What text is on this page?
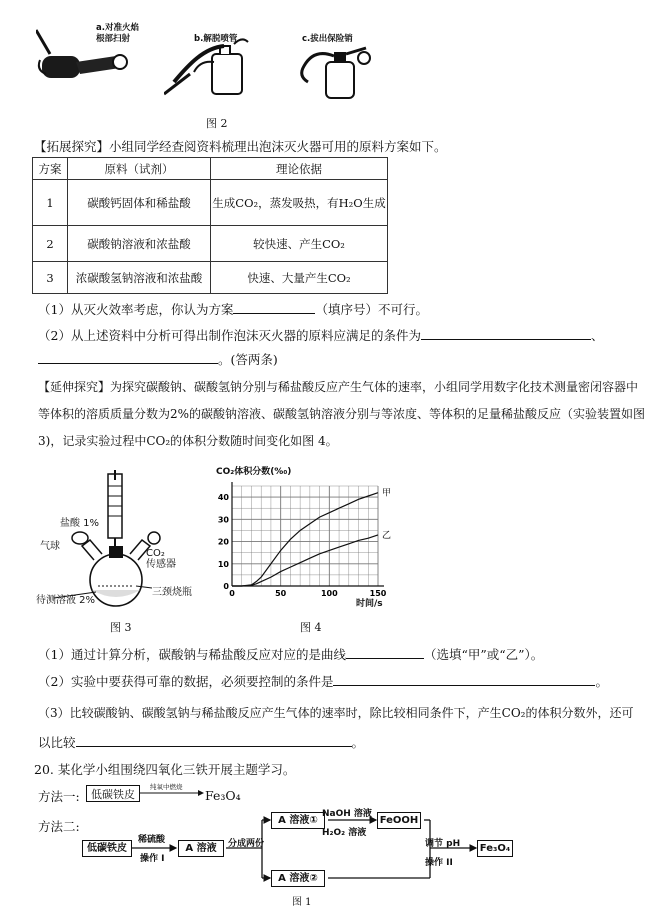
a.对准火焰
根部扫射	b.解脱喷管	c.拔出保险销
图 2
【拓展探究】小组同学经查阅资料梳理出泡沫灭火器可用的原料方案如下。
方案	原料（试剂）	理论依据
1	碳酸钙固体和稀盐酸	生成CO₂，蒸发吸热，有H₂O生成
2	碳酸钠溶液和浓盐酸	较快速、产生CO₂
3	浓碳酸氢钠溶液和浓盐酸	快速、大量产生CO₂
（1）从灭火效率考虑，你认为方案	（填序号）不可行。
（2）从上述资料中分析可得出制作泡沫灭火器的原料应满足的条件为	、
。(答两条)
【延伸探究】为探究碳酸钠、碳酸氢钠分别与稀盐酸反应产生气体的速率，小组同学用数字化技术测量密闭容器中
等体积的溶质质量分数为2%的碳酸钠溶液、碳酸氢钠溶液分别与等浓度、等体积的足量稀盐酸反应（实验装置如图
3)，记录实验过程中CO₂的体积分数随时间变化如图 4。
盐酸 1%
气球
CO₂
传感器
三颈烧瓶
待测溶液 2%
图 3
CO₂体积分数(%₀)
0	50	100	150
0
10
20
30
40	甲
乙
时间/s
图 4
（1）通过计算分析，碳酸钠与稀盐酸反应对应的是曲线	（选填“甲”或“乙”）。
（2）实验中要获得可靠的数据，必须要控制的条件是	。
（3）比较碳酸钠、碳酸氢钠与稀盐酸反应产生气体的速率时，除比较相同条件下，产生CO₂的体积分数外，还可
以比较	。
20. 某化学小组围绕四氧化三铁开展主题学习。
方法一:	低碳铁皮
纯氧中燃烧
Fe₃O₄
方法二:
低碳铁皮
稀硫酸
操作 I
A 溶液	分成两份
A 溶液①
NaOH 溶液
H₂O₂ 溶液
FeOOH
调节 pH
操作 II
Fe₃O₄
A 溶液②
图 1
